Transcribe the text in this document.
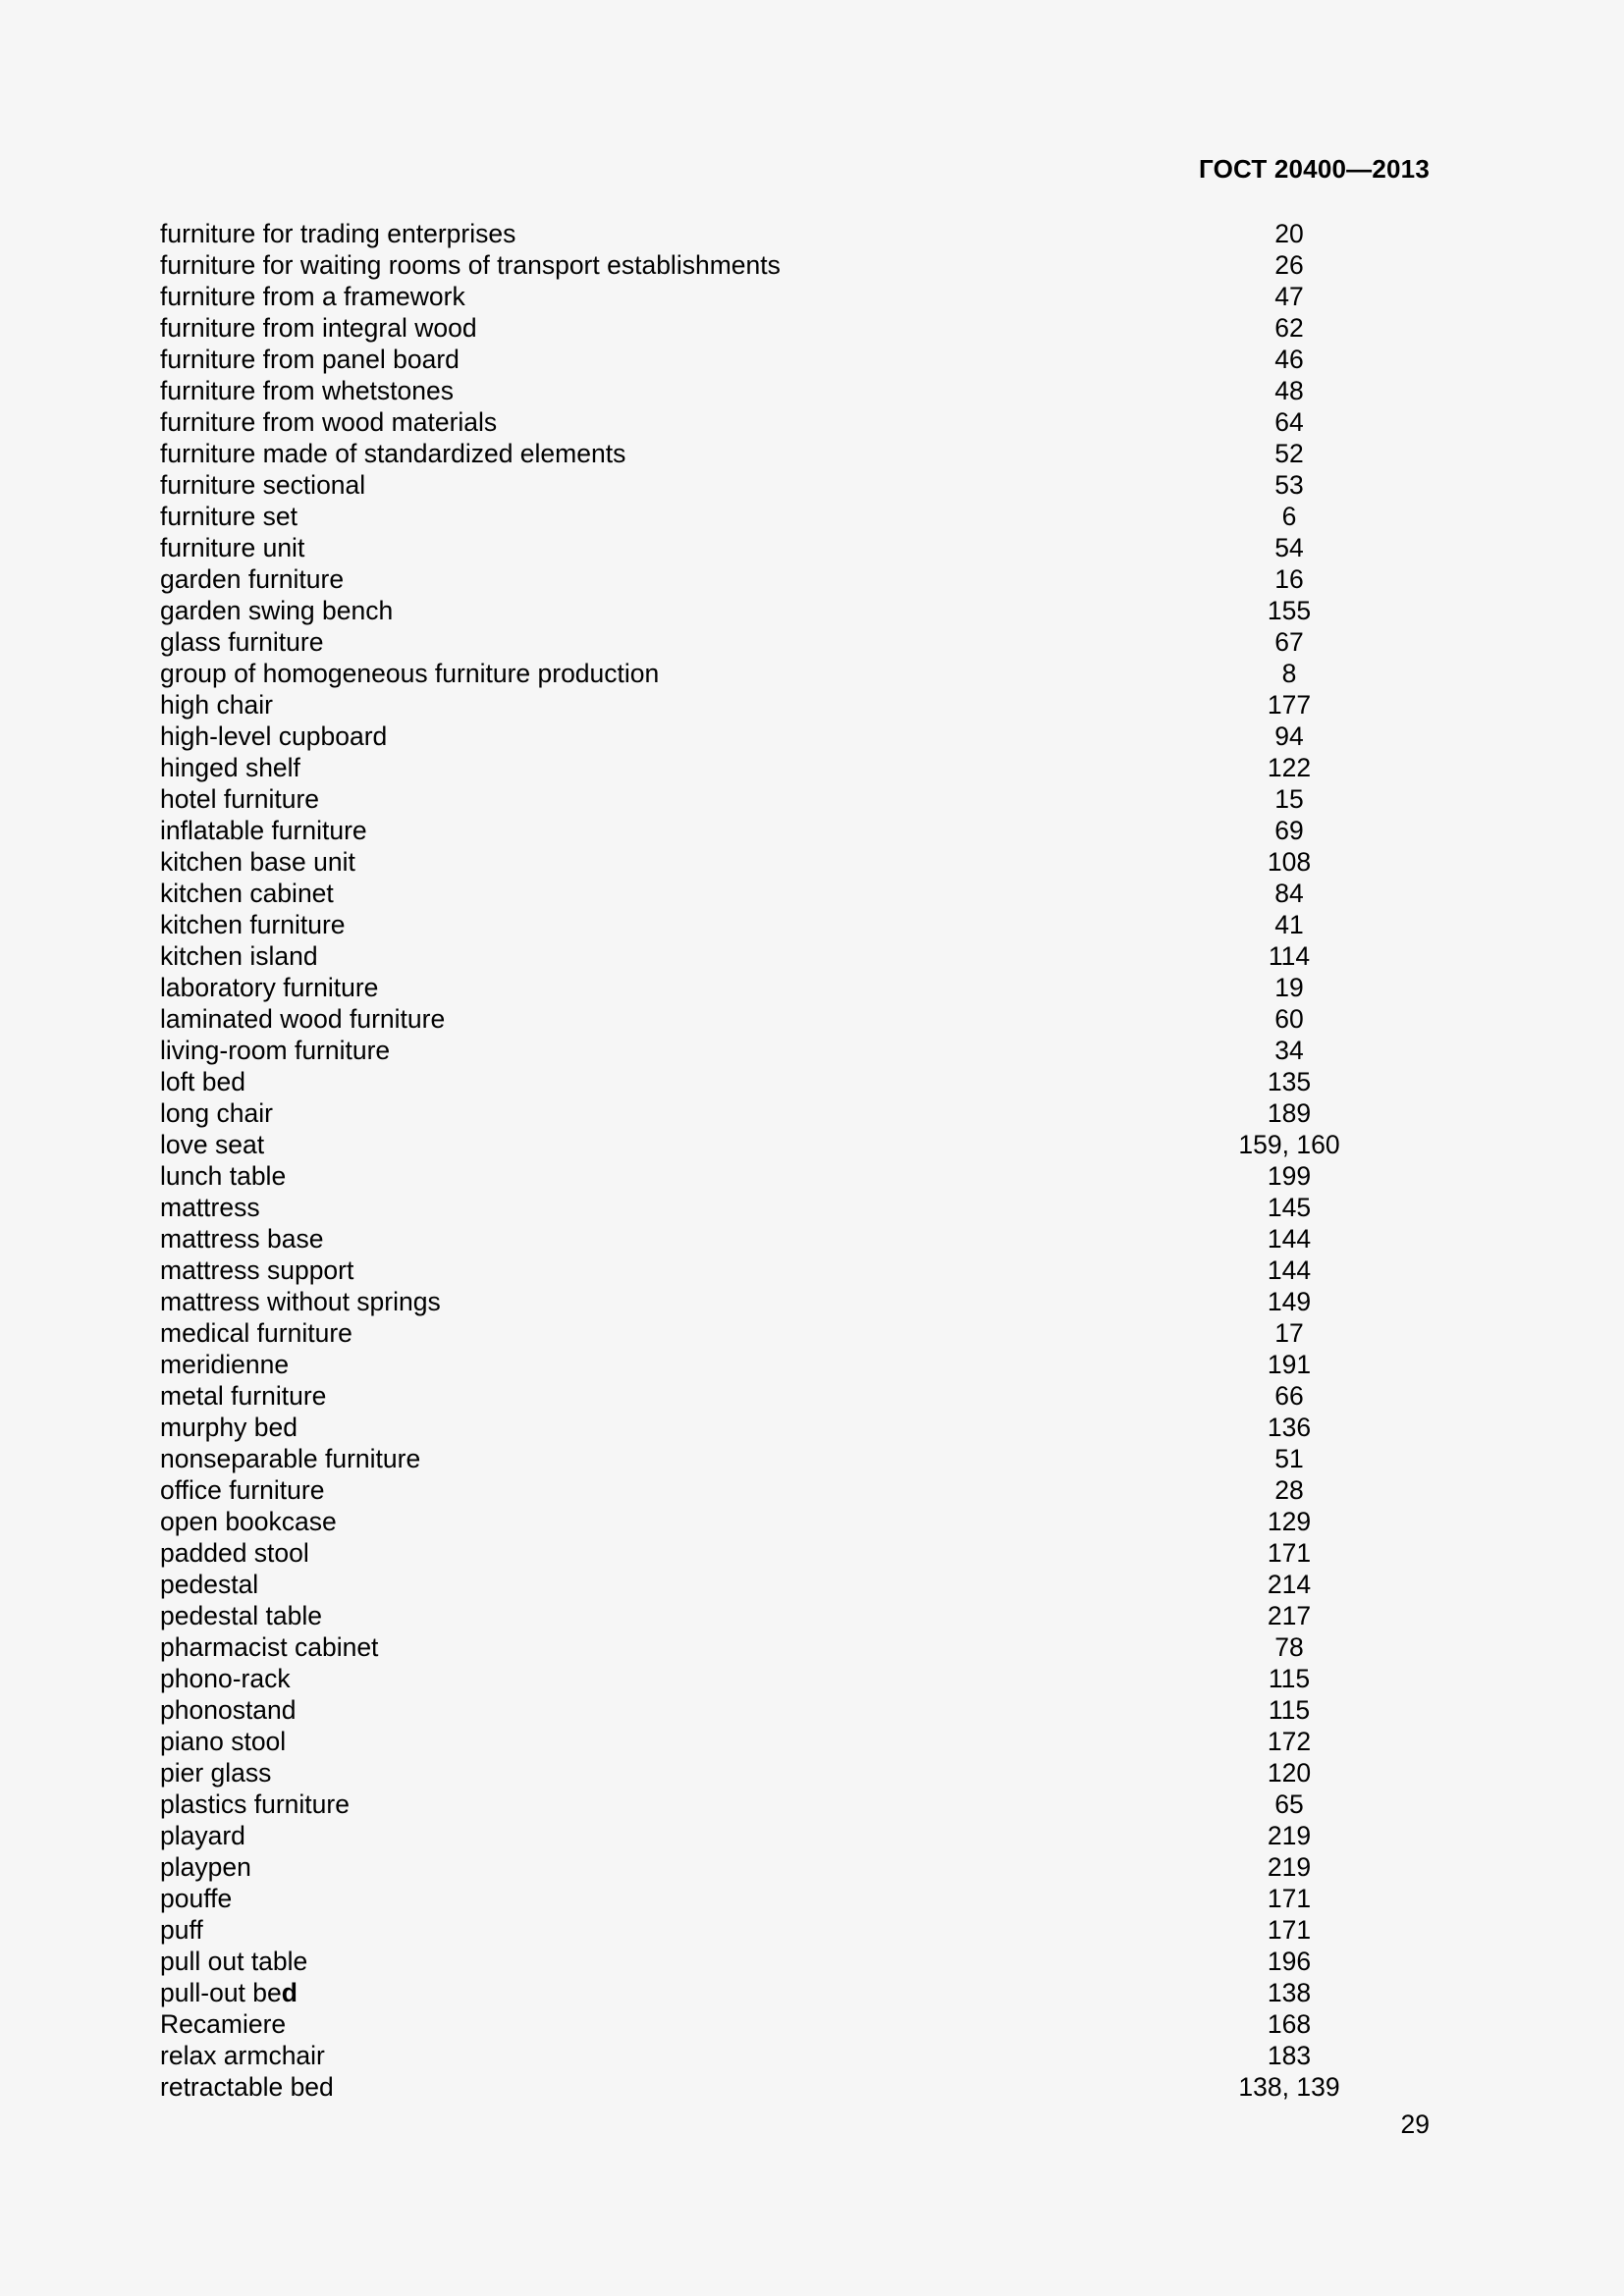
ГОСТ 20400—2013
furniture for trading enterprises	20
furniture for waiting rooms of transport establishments	26
furniture from a framework	47
furniture from integral wood	62
furniture from panel board	46
furniture from whetstones	48
furniture from wood materials	64
furniture made of standardized elements	52
furniture sectional	53
furniture set	6
furniture unit	54
garden furniture	16
garden swing bench	155
glass furniture	67
group of homogeneous furniture production	8
high chair	177
high-level cupboard	94
hinged shelf	122
hotel furniture	15
inflatable furniture	69
kitchen base unit	108
kitchen cabinet	84
kitchen furniture	41
kitchen island	114
laboratory furniture	19
laminated wood furniture	60
living-room furniture	34
loft bed	135
long chair	189
love seat	159, 160
lunch table	199
mattress	145
mattress base	144
mattress support	144
mattress without springs	149
medical furniture	17
meridienne	191
metal furniture	66
murphy bed	136
nonseparable furniture	51
office furniture	28
open bookcase	129
padded stool	171
pedestal	214
pedestal table	217
pharmacist cabinet	78
phono-rack	115
phonostand	115
piano stool	172
pier glass	120
plastics furniture	65
playard	219
playpen	219
pouffe	171
puff	171
pull out table	196
pull-out bed	138
Recamiere	168
relax armchair	183
retractable bed	138, 139
29
